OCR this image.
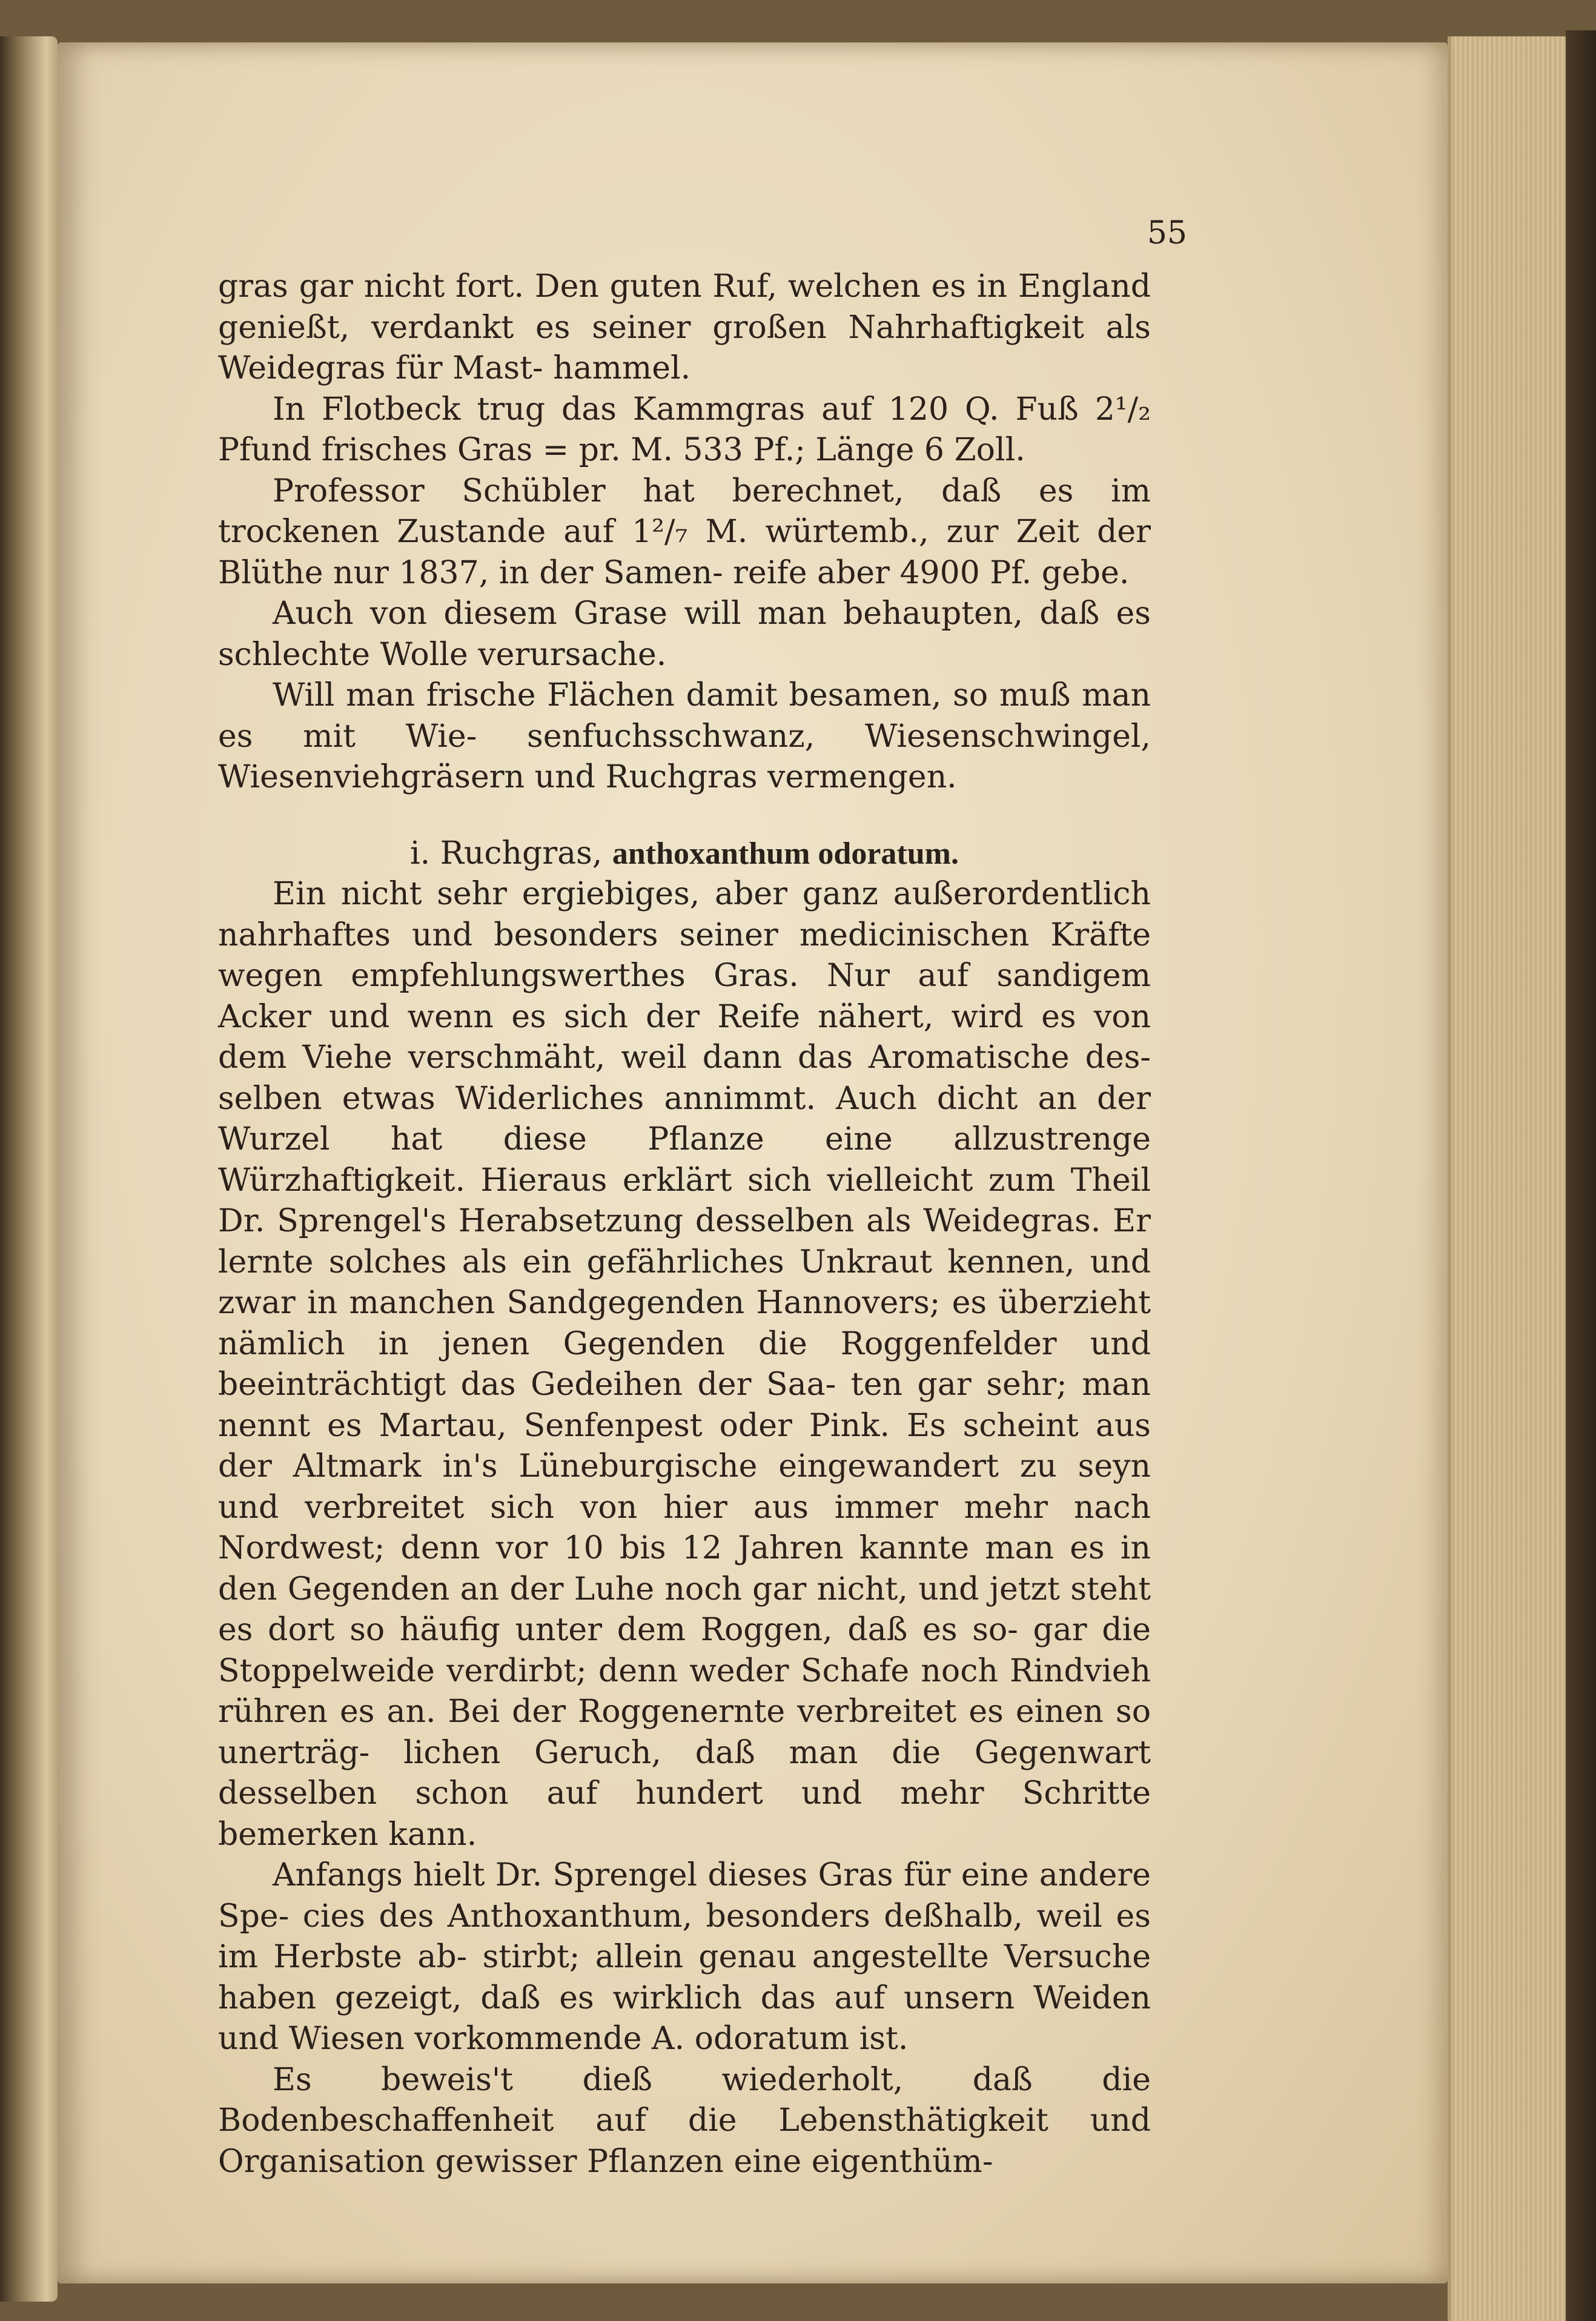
55

gras gar nicht fort. Den guten Ruf, welchen es in England genießt, verdankt es seiner großen Nahrhaftigkeit als Weidegras für Mast- hammel.

In Flotbeck trug das Kammgras auf 120 Q. Fuß 2¹/₂ Pfund frisches Gras = pr. M. 533 Pf.; Länge 6 Zoll.

Professor Schübler hat berechnet, daß es im trockenen Zustande auf 1²/₇ M. würtemb., zur Zeit der Blüthe nur 1837, in der Samen- reife aber 4900 Pf. gebe.

Auch von diesem Grase will man behaupten, daß es schlechte Wolle verursache.

Will man frische Flächen damit besamen, so muß man es mit Wie- senfuchsschwanz, Wiesenschwingel, Wiesenviehgräsern und Ruchgras vermengen.

i. Ruchgras, anthoxanthum odoratum.

Ein nicht sehr ergiebiges, aber ganz außerordentlich nahrhaftes und besonders seiner medicinischen Kräfte wegen empfehlungswerthes Gras. Nur auf sandigem Acker und wenn es sich der Reife nähert, wird es von dem Viehe verschmäht, weil dann das Aromatische des- selben etwas Widerliches annimmt. Auch dicht an der Wurzel hat diese Pflanze eine allzustrenge Würzhaftigkeit. Hieraus erklärt sich vielleicht zum Theil Dr. Sprengel's Herabsetzung desselben als Weidegras. Er lernte solches als ein gefährliches Unkraut kennen, und zwar in manchen Sandgegenden Hannovers; es überzieht nämlich in jenen Gegenden die Roggenfelder und beeinträchtigt das Gedeihen der Saa- ten gar sehr; man nennt es Martau, Senfenpest oder Pink. Es scheint aus der Altmark in's Lüneburgische eingewandert zu seyn und verbreitet sich von hier aus immer mehr nach Nordwest; denn vor 10 bis 12 Jahren kannte man es in den Gegenden an der Luhe noch gar nicht, und jetzt steht es dort so häufig unter dem Roggen, daß es so- gar die Stoppelweide verdirbt; denn weder Schafe noch Rindvieh rühren es an. Bei der Roggenernte verbreitet es einen so unerträg- lichen Geruch, daß man die Gegenwart desselben schon auf hundert und mehr Schritte bemerken kann.

Anfangs hielt Dr. Sprengel dieses Gras für eine andere Spe- cies des Anthoxanthum, besonders deßhalb, weil es im Herbste ab- stirbt; allein genau angestellte Versuche haben gezeigt, daß es wirklich das auf unsern Weiden und Wiesen vorkommende A. odoratum ist.

Es beweis't dieß wiederholt, daß die Bodenbeschaffenheit auf die Lebensthätigkeit und Organisation gewisser Pflanzen eine eigenthüm-
